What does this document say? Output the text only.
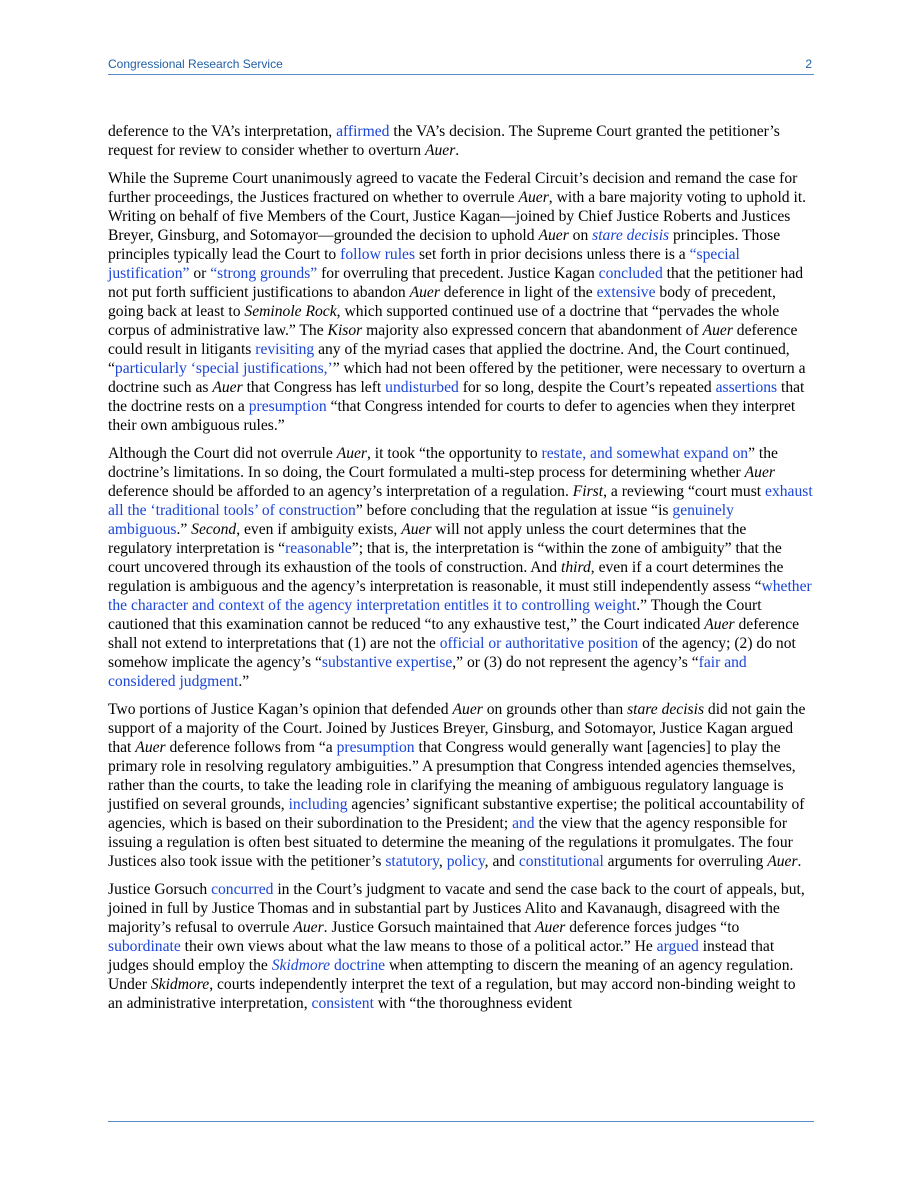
Congressional Research Service	2

deference to the VA’s interpretation, affirmed the VA’s decision. The Supreme Court granted the petitioner’s request for review to consider whether to overturn Auer.

While the Supreme Court unanimously agreed to vacate the Federal Circuit’s decision and remand the case for further proceedings, the Justices fractured on whether to overrule Auer, with a bare majority voting to uphold it. Writing on behalf of five Members of the Court, Justice Kagan—joined by Chief Justice Roberts and Justices Breyer, Ginsburg, and Sotomayor—grounded the decision to uphold Auer on stare decisis principles. Those principles typically lead the Court to follow rules set forth in prior decisions unless there is a “special justification” or “strong grounds” for overruling that precedent. Justice Kagan concluded that the petitioner had not put forth sufficient justifications to abandon Auer deference in light of the extensive body of precedent, going back at least to Seminole Rock, which supported continued use of a doctrine that “pervades the whole corpus of administrative law.” The Kisor majority also expressed concern that abandonment of Auer deference could result in litigants revisiting any of the myriad cases that applied the doctrine. And, the Court continued, “particularly ‘special justifications,’” which had not been offered by the petitioner, were necessary to overturn a doctrine such as Auer that Congress has left undisturbed for so long, despite the Court’s repeated assertions that the doctrine rests on a presumption “that Congress intended for courts to defer to agencies when they interpret their own ambiguous rules.”

Although the Court did not overrule Auer, it took “the opportunity to restate, and somewhat expand on” the doctrine’s limitations. In so doing, the Court formulated a multi-step process for determining whether Auer deference should be afforded to an agency’s interpretation of a regulation. First, a reviewing “court must exhaust all the ‘traditional tools’ of construction” before concluding that the regulation at issue “is genuinely ambiguous.” Second, even if ambiguity exists, Auer will not apply unless the court determines that the regulatory interpretation is “reasonable”; that is, the interpretation is “within the zone of ambiguity” that the court uncovered through its exhaustion of the tools of construction. And third, even if a court determines the regulation is ambiguous and the agency’s interpretation is reasonable, it must still independently assess “whether the character and context of the agency interpretation entitles it to controlling weight.” Though the Court cautioned that this examination cannot be reduced “to any exhaustive test,” the Court indicated Auer deference shall not extend to interpretations that (1) are not the official or authoritative position of the agency; (2) do not somehow implicate the agency’s “substantive expertise,” or (3) do not represent the agency’s “fair and considered judgment.”

Two portions of Justice Kagan’s opinion that defended Auer on grounds other than stare decisis did not gain the support of a majority of the Court. Joined by Justices Breyer, Ginsburg, and Sotomayor, Justice Kagan argued that Auer deference follows from “a presumption that Congress would generally want [agencies] to play the primary role in resolving regulatory ambiguities.” A presumption that Congress intended agencies themselves, rather than the courts, to take the leading role in clarifying the meaning of ambiguous regulatory language is justified on several grounds, including agencies’ significant substantive expertise; the political accountability of agencies, which is based on their subordination to the President; and the view that the agency responsible for issuing a regulation is often best situated to determine the meaning of the regulations it promulgates. The four Justices also took issue with the petitioner’s statutory, policy, and constitutional arguments for overruling Auer.

Justice Gorsuch concurred in the Court’s judgment to vacate and send the case back to the court of appeals, but, joined in full by Justice Thomas and in substantial part by Justices Alito and Kavanaugh, disagreed with the majority’s refusal to overrule Auer. Justice Gorsuch maintained that Auer deference forces judges “to subordinate their own views about what the law means to those of a political actor.” He argued instead that judges should employ the Skidmore doctrine when attempting to discern the meaning of an agency regulation. Under Skidmore, courts independently interpret the text of a regulation, but may accord non-binding weight to an administrative interpretation, consistent with “the thoroughness evident
